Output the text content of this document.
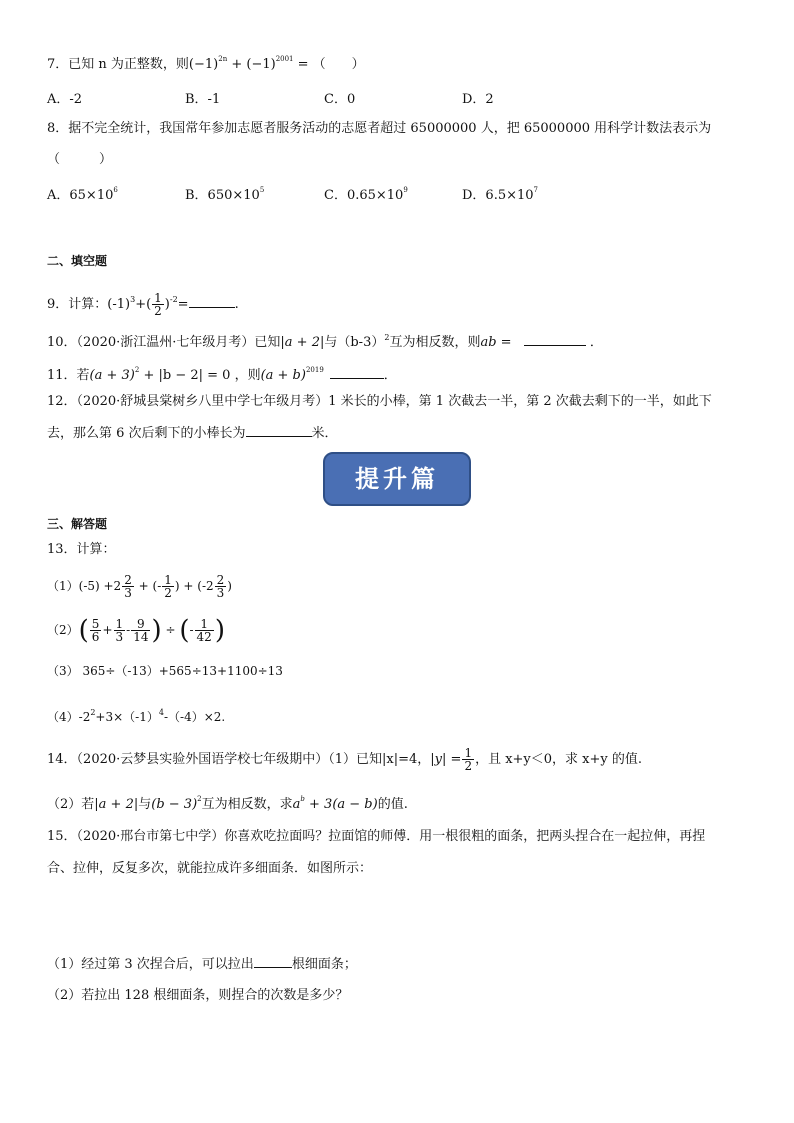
7．已知 n 为正整数，则$(-1)^{2n} + (-1)^{2001}$ = （　　）
A．-2	B．-1	C．0	D．2
8．据不完全统计，我国常年参加志愿者服务活动的志愿者超过 65000000 人，把 65000000 用科学计数法表示为
（　　　）
A．$65\times 10^6$	B．$650\times 10^5$	C．$0.65\times 10^9$	D．$6.5\times 10^7$
二、填空题
9．计算：$(-1)^3+( \frac{1}{2} )^{-2}=$	.
10．（2020·浙江温州·七年级月考）已知|a + 2|与$(b-3)^2$互为相反数，则ab =	．
11．若$(a + 3)^2 + |b - 2| = 0$ ，则$(a + b)^{2019}$	．
12．（2020·舒城县棠树乡八里中学七年级月考）1 米长的小棒，第 1 次截去一半，第 2 次截去剩下的一半，如此下
去，那么第 6 次后剩下的小棒长为	米．
提升篇
三、解答题
13．计算：
$(1)(-5) +2 \frac{2}{3}$ + (- $\frac{1}{2}$ ) + ($-2 \frac{2}{3}$ )
$(2)( \frac{5}{6} + \frac{1}{3} - \frac{9}{14}$ ) ÷ (- $\frac{1}{42}$ )
（3） 365÷（-13）+565÷13+1100÷13
$(4)-2^2+3\times(-1)^4-(-4)\times 2$.
14．（2020·云梦县实验外国语学校七年级期中）（1）已知|x|=4，$|y| = \frac{1}{2}$ ，且 x+y＜0，求 x+y 的值.
（2）若|a + 2|与$(b - 3)^2$互为相反数，求$a^b + 3(a - b)$的值.
15．（2020·邢台市第七中学）你喜欢吃拉面吗？拉面馆的师傅．用一根很粗的面条，把两头捏合在一起拉伸，再捏
合、拉伸，反复多次，就能拉成许多细面条．如图所示：
（1）经过第 3 次捏合后，可以拉出	根细面条；
（2）若拉出 128 根细面条，则捏合的次数是多少？
